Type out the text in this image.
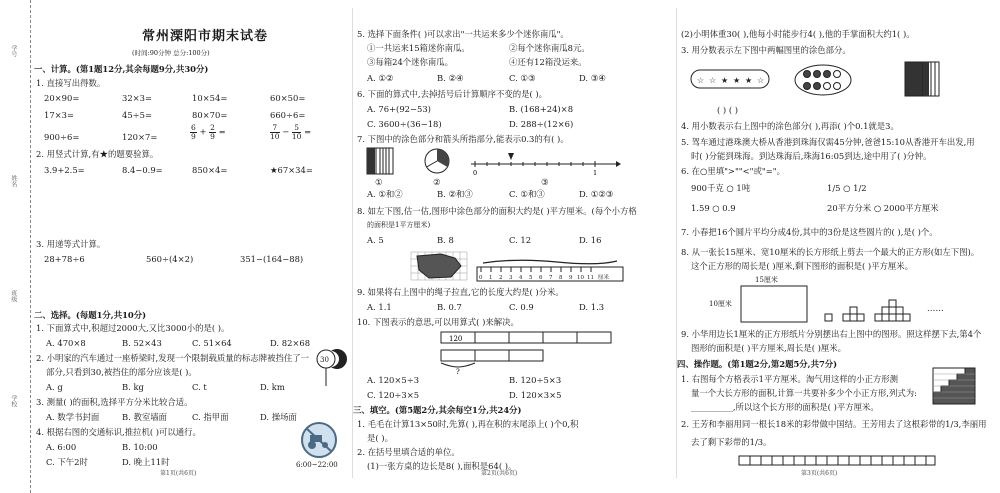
学号
姓名
班级
学校
常州溧阳市期末试卷
(时间:90分钟 总分:100分)
一、计算。(第1题12分,其余每题9分,共30分)
1. 直接写出得数。
20×90=	32×3=	10×54=	60×50=
17×3=	45÷5=	80×70=	660÷6=
900÷6=	120×7=	$\frac{6}{9} + \frac{2}{9}$ =	$\frac{7}{10} - \frac{5}{10}$ =
2. 用竖式计算,有★的题要验算。
3.9+2.5=	8.4−0.9=	850×4=	★67×34=
3. 用递等式计算。
28+78÷6	560÷(4×2)	351−(164−88)
二、选择。(每题1分,共10分)
1. 下面算式中,积超过2000大,又比3000小的是( )。
A. 470×8	B. 52×43	C. 51×64	D. 82×68
2. 小明家的汽车通过一座桥梁时,发现一个限制载质量的标志牌被挡住了一
部分,只看到30,被挡住的部分应该是( )。
A. g	B. kg	C. t	D. km
30
3. 测量( )的面积,选择平方分米比较合适。
A. 数学书封面	B. 教室墙面	C. 指甲面	D. 操场面
4. 根据右图的交通标识,推拉机( )可以通行。
A. 6:00	B. 10:00
C. 下午2时	D. 晚上11时	6:00~22:00
第1页(共6页)
5. 选择下面条件( )可以求出"一共运来多少个迷你南瓜"。
①一共运来15箱迷你南瓜。	②每个迷你南瓜8元。
③每箱24个迷你南瓜。	④还有12箱没运来。
A. ①②	B. ②④	C. ①③	D. ③④
6. 下面的算式中,去掉括号后计算顺序不变的是( )。
A. 76+(92−53)	B. (168+24)×8
C. 3600÷(36−18)	D. 288÷(12×6)
7. 下图中的涂色部分和箭头所指部分,能表示0.3的有( )。
0	1
①	②	③
A. ①和②	B. ②和③	C. ①和③	D. ①②③
8. 如左下图,估一估,图形中涂色部分的面积大约是( )平方厘米。(每个小方格
的面积是1平方厘米)
A. 5	B. 8	C. 12	D. 16
0 1 2 3 4 5 6 7 8 9 10 11 厘米
9. 如果将右上图中的绳子拉直,它的长度大约是( )分米。
A. 1.1	B. 0.7	C. 0.9	D. 1.3
10. 下图表示的意思,可以用算式( )来解决。
120
?
A. 120×5÷3	B. 120÷5×3
C. 120÷3×5	D. 120×3×5
三、填空。(第5题2分,其余每空1分,共24分)
1. 毛毛在计算13×50时,先算( ),再在积的末尾添上( )个0,积
是( )。
2. 在括号里填合适的单位。
(1)一张方桌的边长是8( ),面积是64( )。
第2页(共6页)
(2)小明体重30( ),他每小时能步行4( ),他的手掌面积大约1( )。
3. 用分数表示左下图中两幅图里的涂色部分。
☆ ☆ ★ ★ ★ ☆
( ) ( )
4. 用小数表示右上图中的涂色部分( ),再添( )个0.1就是3。
5. 驾车通过港珠澳大桥从香港到珠海仅需45分钟,爸爸15:10从香港开车出发,用
时( )分能到珠海。到达珠海后,珠海16:05到达,途中用了( )分钟。
6. 在○里填">""<"或"="。
900千克 ○ 1吨	1/5 ○ 1/2
1.59 ○ 0.9	20平方分米 ○ 2000平方厘米
7. 小春把16个圆片平均分成4份,其中的3份是这些圆片的( ),是( )个。
8. 从一张长15厘米、宽10厘米的长方形纸上剪去一个最大的正方形(如左下图)。
这个正方形的周长是( )厘米,剩下图形的面积是( )平方厘米。
15厘米
10厘米	……
9. 小华用边长1厘米的正方形纸片分别摆出右上图中的图形。照这样摆下去,第4个
图形的面积是( )平方厘米,周长是( )厘米。
四、操作题。(第1题2分,第2题5分,共7分)
1. 右图每个方格表示1平方厘米。淘气用这样的小正方形测
量一个大长方形的面积,计算一共要补多少个小正方形,列式为:
__________,所以这个长方形的面积是( )平方厘米。
2. 王芳和李丽用同一根长18米的彩带做中国结。王芳用去了这根彩带的1/3,李丽用
去了剩下彩带的1/3。
第3页(共6页)
